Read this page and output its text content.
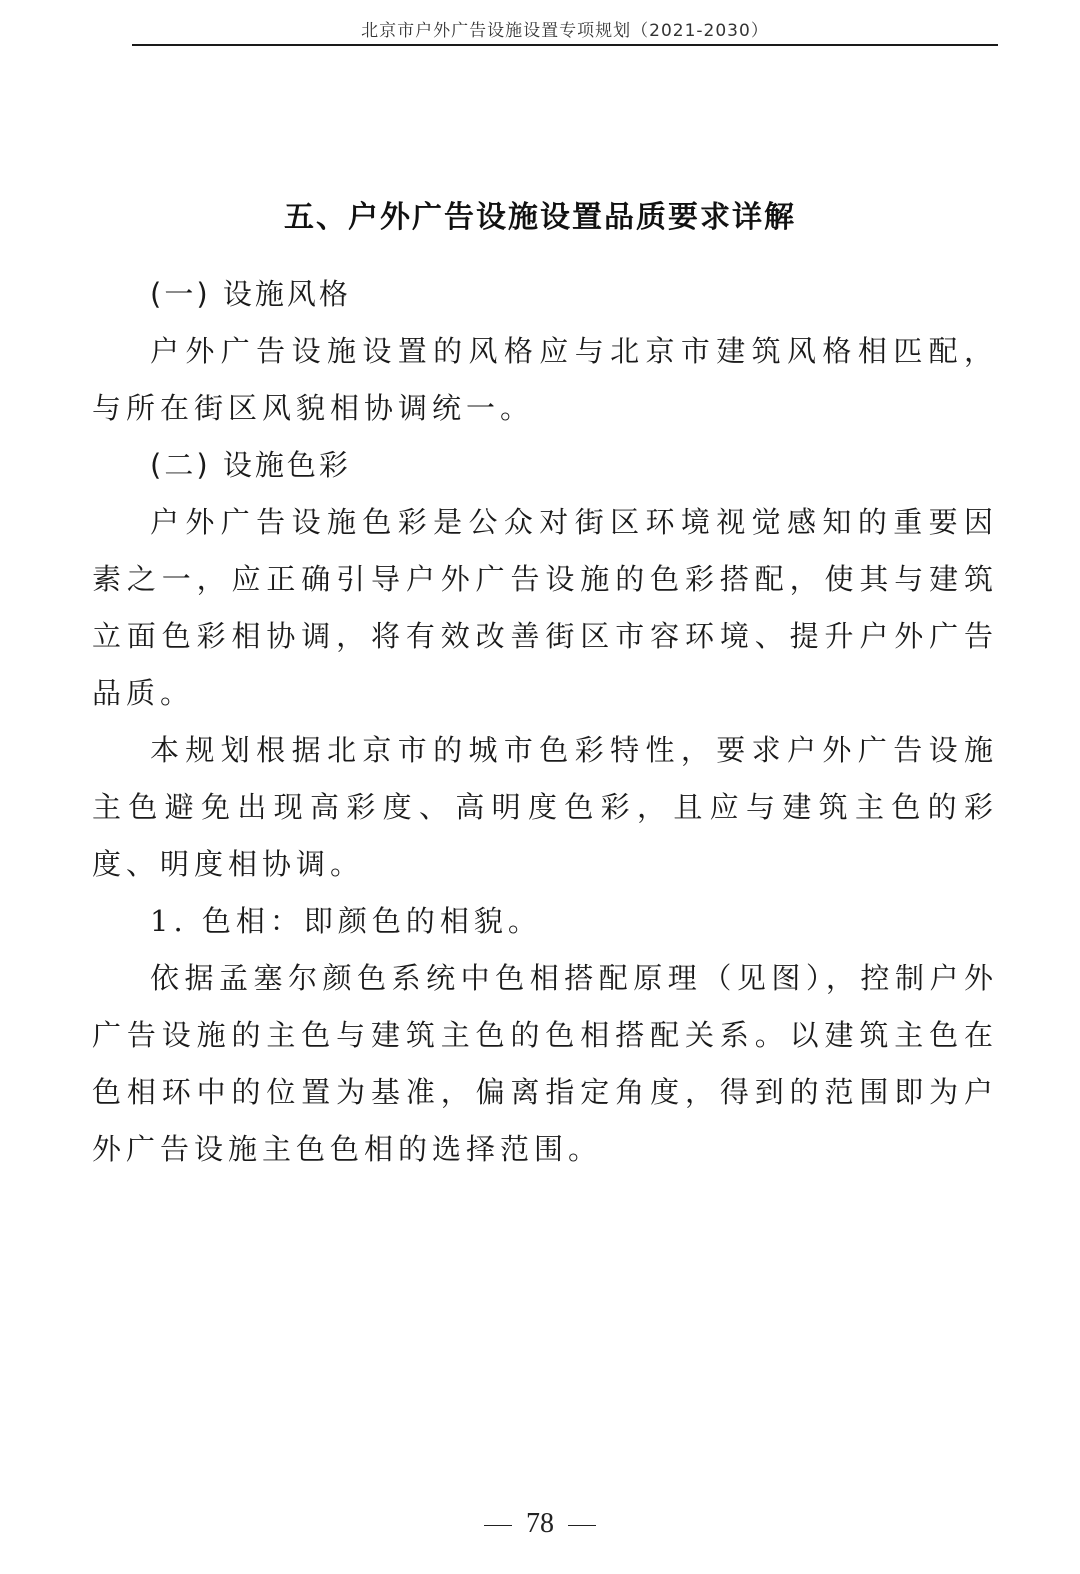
北京市户外广告设施设置专项规划（2021-2030）
五、户外广告设施设置品质要求详解

(一) 设施风格

户外广告设施设置的风格应与北京市建筑风格相匹配，与所在街区风貌相协调统一。

(二) 设施色彩

户外广告设施色彩是公众对街区环境视觉感知的重要因素之一，应正确引导户外广告设施的色彩搭配，使其与建筑立面色彩相协调，将有效改善街区市容环境、提升户外广告品质。

本规划根据北京市的城市色彩特性，要求户外广告设施主色避免出现高彩度、高明度色彩，且应与建筑主色的彩度、明度相协调。

1. 色相：即颜色的相貌。

依据孟塞尔颜色系统中色相搭配原理（见图），控制户外广告设施的主色与建筑主色的色相搭配关系。以建筑主色在色相环中的位置为基准，偏离指定角度，得到的范围即为户外广告设施主色色相的选择范围。

78
